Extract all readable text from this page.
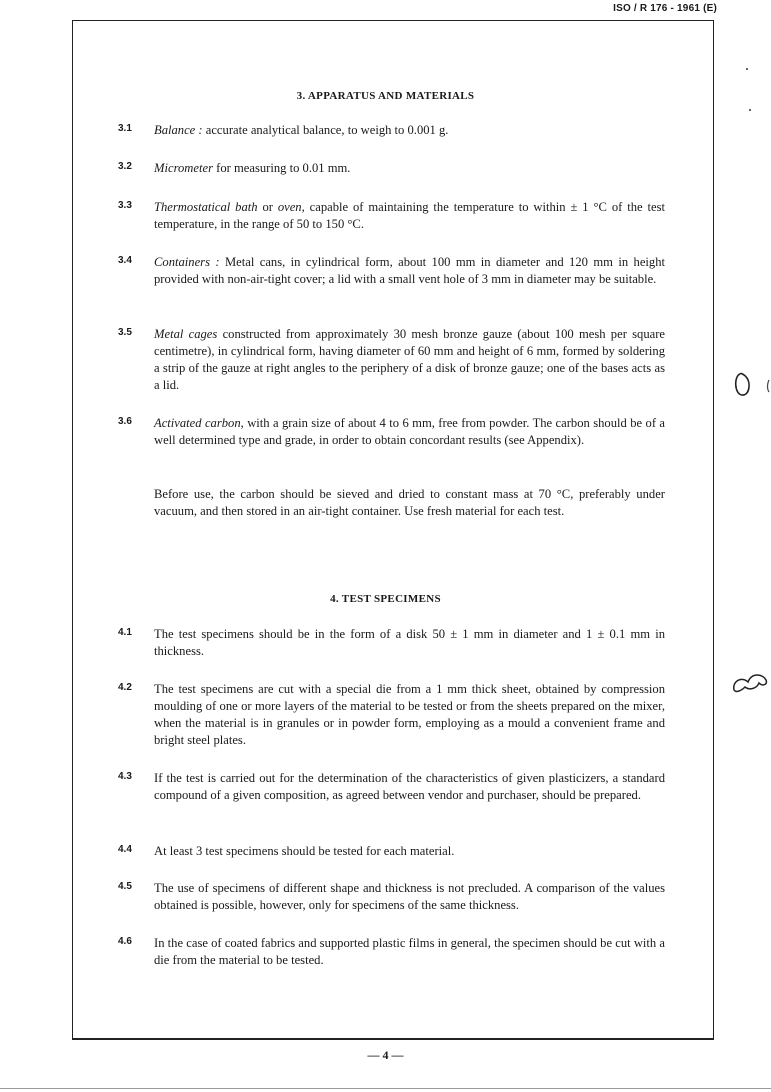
ISO / R 176 - 1961 (E)
3. APPARATUS AND MATERIALS
3.1 Balance : accurate analytical balance, to weigh to 0.001 g.
3.2 Micrometer for measuring to 0.01 mm.
3.3 Thermostatical bath or oven, capable of maintaining the temperature to within ± 1 °C of the test temperature, in the range of 50 to 150 °C.
3.4 Containers : Metal cans, in cylindrical form, about 100 mm in diameter and 120 mm in height provided with non-air-tight cover; a lid with a small vent hole of 3 mm in diameter may be suitable.
3.5 Metal cages constructed from approximately 30 mesh bronze gauze (about 100 mesh per square centimetre), in cylindrical form, having diameter of 60 mm and height of 6 mm, formed by soldering a strip of the gauze at right angles to the periphery of a disk of bronze gauze; one of the bases acts as a lid.
3.6 Activated carbon, with a grain size of about 4 to 6 mm, free from powder. The carbon should be of a well determined type and grade, in order to obtain concordant results (see Appendix).
Before use, the carbon should be sieved and dried to constant mass at 70 °C, preferably under vacuum, and then stored in an air-tight container. Use fresh material for each test.
4. TEST SPECIMENS
4.1 The test specimens should be in the form of a disk 50 ± 1 mm in diameter and 1 ± 0.1 mm in thickness.
4.2 The test specimens are cut with a special die from a 1 mm thick sheet, obtained by compression moulding of one or more layers of the material to be tested or from the sheets prepared on the mixer, when the material is in granules or in powder form, employing as a mould a convenient frame and bright steel plates.
4.3 If the test is carried out for the determination of the characteristics of given plasticizers, a standard compound of a given composition, as agreed between vendor and purchaser, should be prepared.
4.4 At least 3 test specimens should be tested for each material.
4.5 The use of specimens of different shape and thickness is not precluded. A comparison of the values obtained is possible, however, only for specimens of the same thickness.
4.6 In the case of coated fabrics and supported plastic films in general, the specimen should be cut with a die from the material to be tested.
— 4 —
